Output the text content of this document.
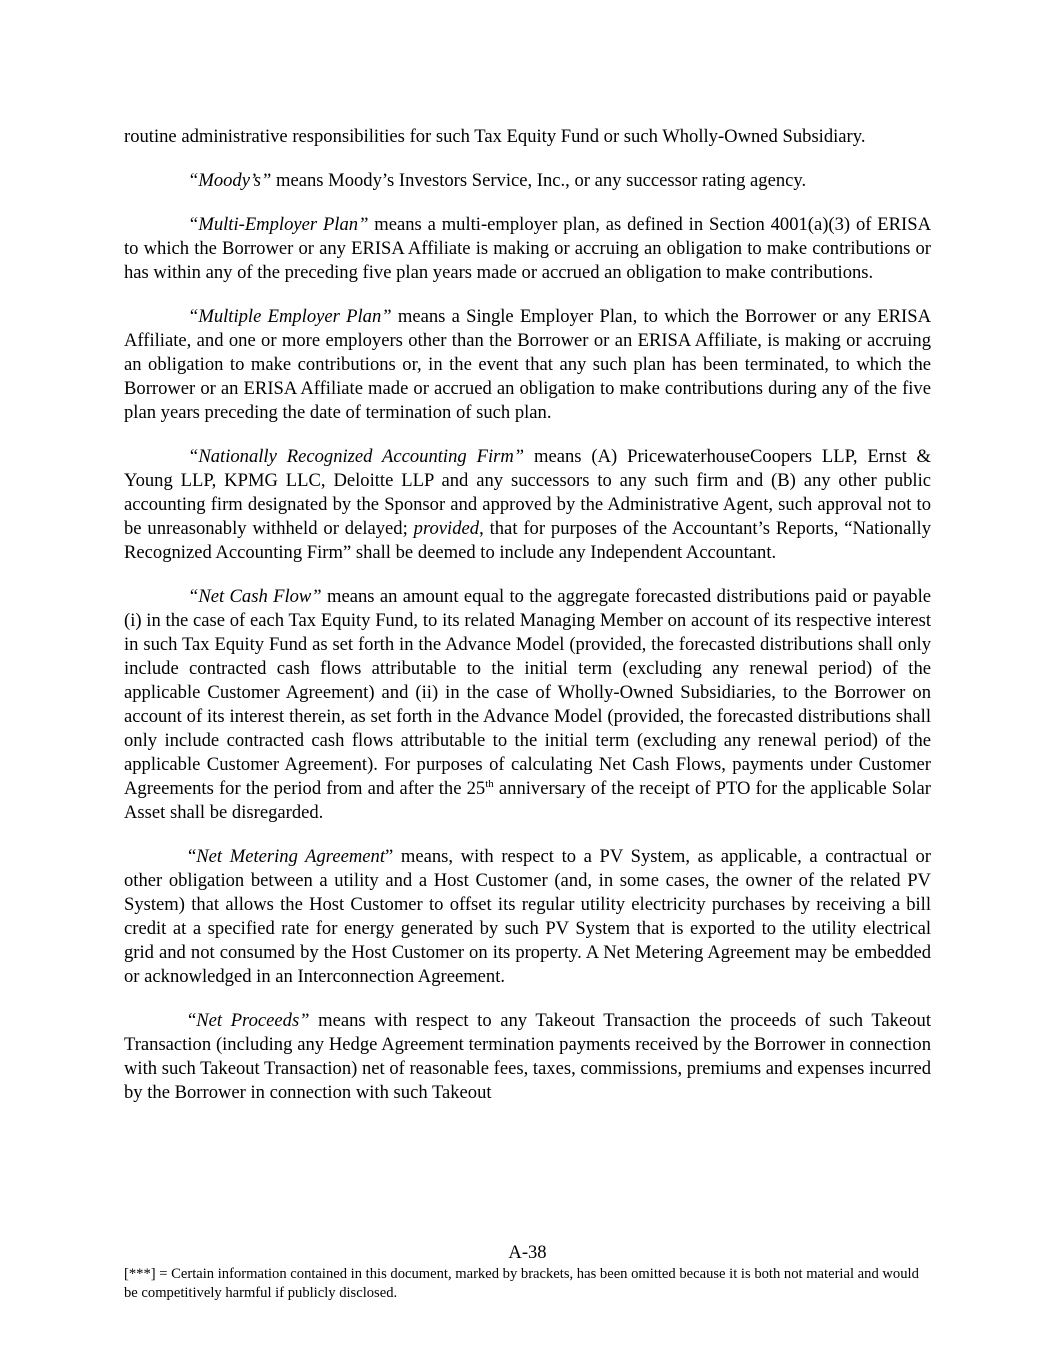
routine administrative responsibilities for such Tax Equity Fund or such Wholly-Owned Subsidiary.

“Moody’s” means Moody’s Investors Service, Inc., or any successor rating agency.

“Multi-Employer Plan” means a multi-employer plan, as defined in Section 4001(a)(3) of ERISA to which the Borrower or any ERISA Affiliate is making or accruing an obligation to make contributions or has within any of the preceding five plan years made or accrued an obligation to make contributions.

“Multiple Employer Plan” means a Single Employer Plan, to which the Borrower or any ERISA Affiliate, and one or more employers other than the Borrower or an ERISA Affiliate, is making or accruing an obligation to make contributions or, in the event that any such plan has been terminated, to which the Borrower or an ERISA Affiliate made or accrued an obligation to make contributions during any of the five plan years preceding the date of termination of such plan.

“Nationally Recognized Accounting Firm” means (A) PricewaterhouseCoopers LLP, Ernst & Young LLP, KPMG LLC, Deloitte LLP and any successors to any such firm and (B) any other public accounting firm designated by the Sponsor and approved by the Administrative Agent, such approval not to be unreasonably withheld or delayed; provided, that for purposes of the Accountant’s Reports, “Nationally Recognized Accounting Firm” shall be deemed to include any Independent Accountant.

“Net Cash Flow” means an amount equal to the aggregate forecasted distributions paid or payable (i) in the case of each Tax Equity Fund, to its related Managing Member on account of its respective interest in such Tax Equity Fund as set forth in the Advance Model (provided, the forecasted distributions shall only include contracted cash flows attributable to the initial term (excluding any renewal period) of the applicable Customer Agreement) and (ii) in the case of Wholly-Owned Subsidiaries, to the Borrower on account of its interest therein, as set forth in the Advance Model (provided, the forecasted distributions shall only include contracted cash flows attributable to the initial term (excluding any renewal period) of the applicable Customer Agreement). For purposes of calculating Net Cash Flows, payments under Customer Agreements for the period from and after the 25th anniversary of the receipt of PTO for the applicable Solar Asset shall be disregarded.

“Net Metering Agreement” means, with respect to a PV System, as applicable, a contractual or other obligation between a utility and a Host Customer (and, in some cases, the owner of the related PV System) that allows the Host Customer to offset its regular utility electricity purchases by receiving a bill credit at a specified rate for energy generated by such PV System that is exported to the utility electrical grid and not consumed by the Host Customer on its property. A Net Metering Agreement may be embedded or acknowledged in an Interconnection Agreement.

“Net Proceeds” means with respect to any Takeout Transaction the proceeds of such Takeout Transaction (including any Hedge Agreement termination payments received by the Borrower in connection with such Takeout Transaction) net of reasonable fees, taxes, commissions, premiums and expenses incurred by the Borrower in connection with such Takeout

A-38
[***] = Certain information contained in this document, marked by brackets, has been omitted because it is both not material and would be competitively harmful if publicly disclosed.
